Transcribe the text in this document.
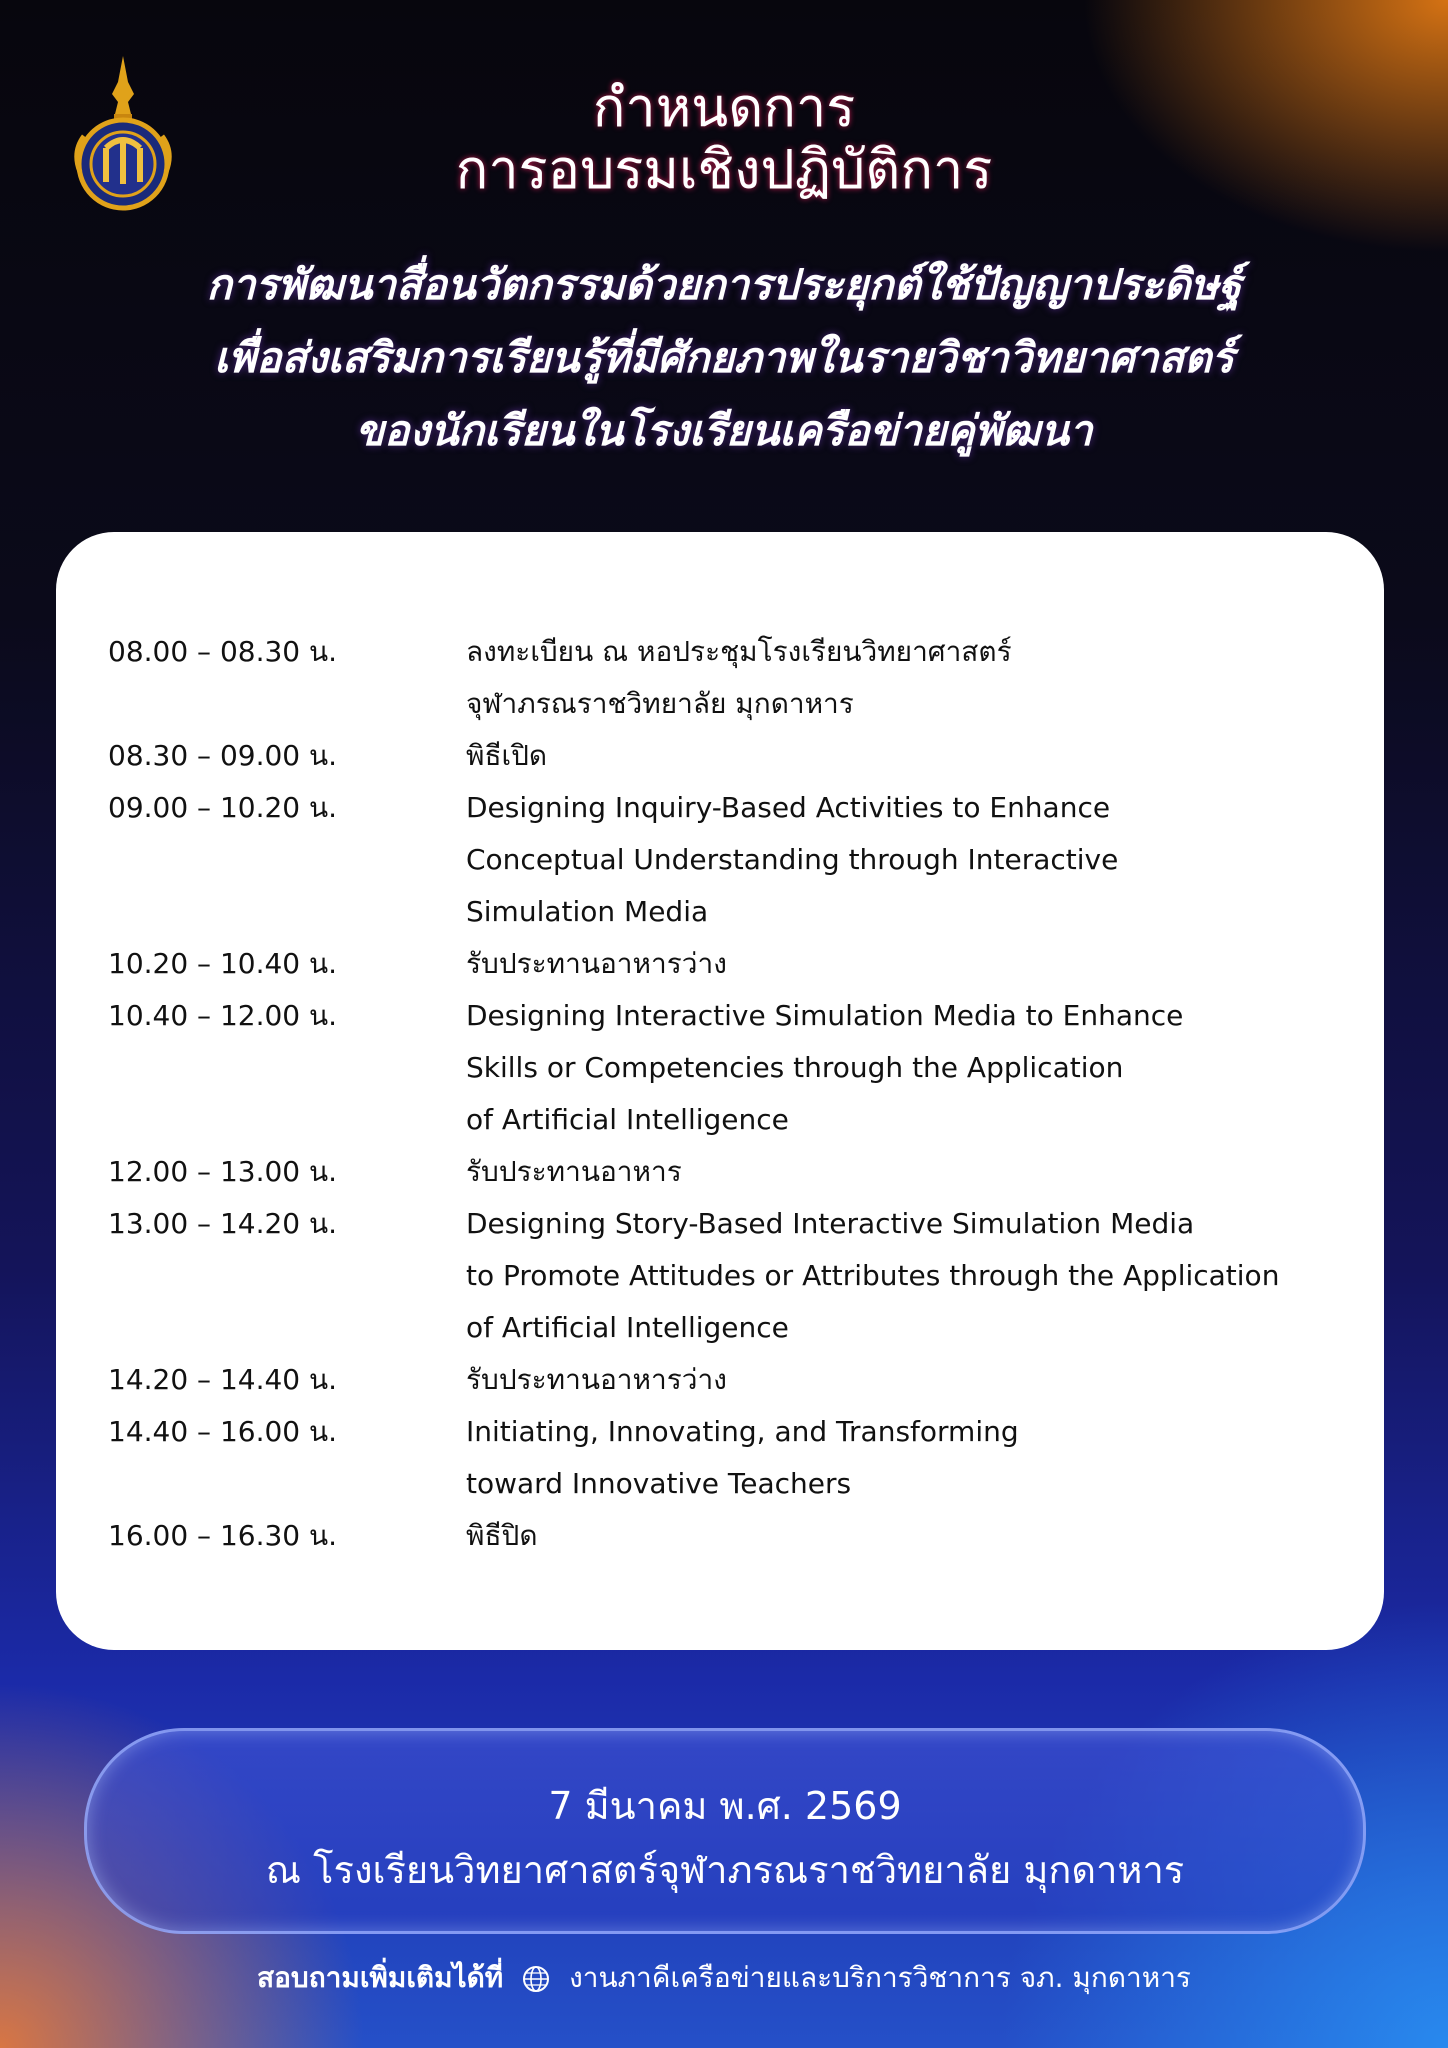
กำหนดการ
การอบรมเชิงปฏิบัติการ
การพัฒนาสื่อนวัตกรรมด้วยการประยุกต์ใช้ปัญญาประดิษฐ์
เพื่อส่งเสริมการเรียนรู้ที่มีศักยภาพในรายวิชาวิทยาศาสตร์
ของนักเรียนในโรงเรียนเครือข่ายคู่พัฒนา
08.00 – 08.30 น.	ลงทะเบียน ณ หอประชุมโรงเรียนวิทยาศาสตร์
จุฬาภรณราชวิทยาลัย มุกดาหาร
08.30 – 09.00 น.	พิธีเปิด
09.00 – 10.20 น.	Designing Inquiry-Based Activities to Enhance
Conceptual Understanding through Interactive
Simulation Media
10.20 – 10.40 น.	รับประทานอาหารว่าง
10.40 – 12.00 น.	Designing Interactive Simulation Media to Enhance
Skills or Competencies through the Application
of Artificial Intelligence
12.00 – 13.00 น.	รับประทานอาหาร
13.00 – 14.20 น.	Designing Story-Based Interactive Simulation Media
to Promote Attitudes or Attributes through the Application
of Artificial Intelligence
14.20 – 14.40 น.	รับประทานอาหารว่าง
14.40 – 16.00 น.	Initiating, Innovating, and Transforming
toward Innovative Teachers
16.00 – 16.30 น.	พิธีปิด
7 มีนาคม พ.ศ. 2569
ณ โรงเรียนวิทยาศาสตร์จุฬาภรณราชวิทยาลัย มุกดาหาร
สอบถามเพิ่มเติมได้ที่ งานภาคีเครือข่ายและบริการวิชาการ จภ. มุกดาหาร
